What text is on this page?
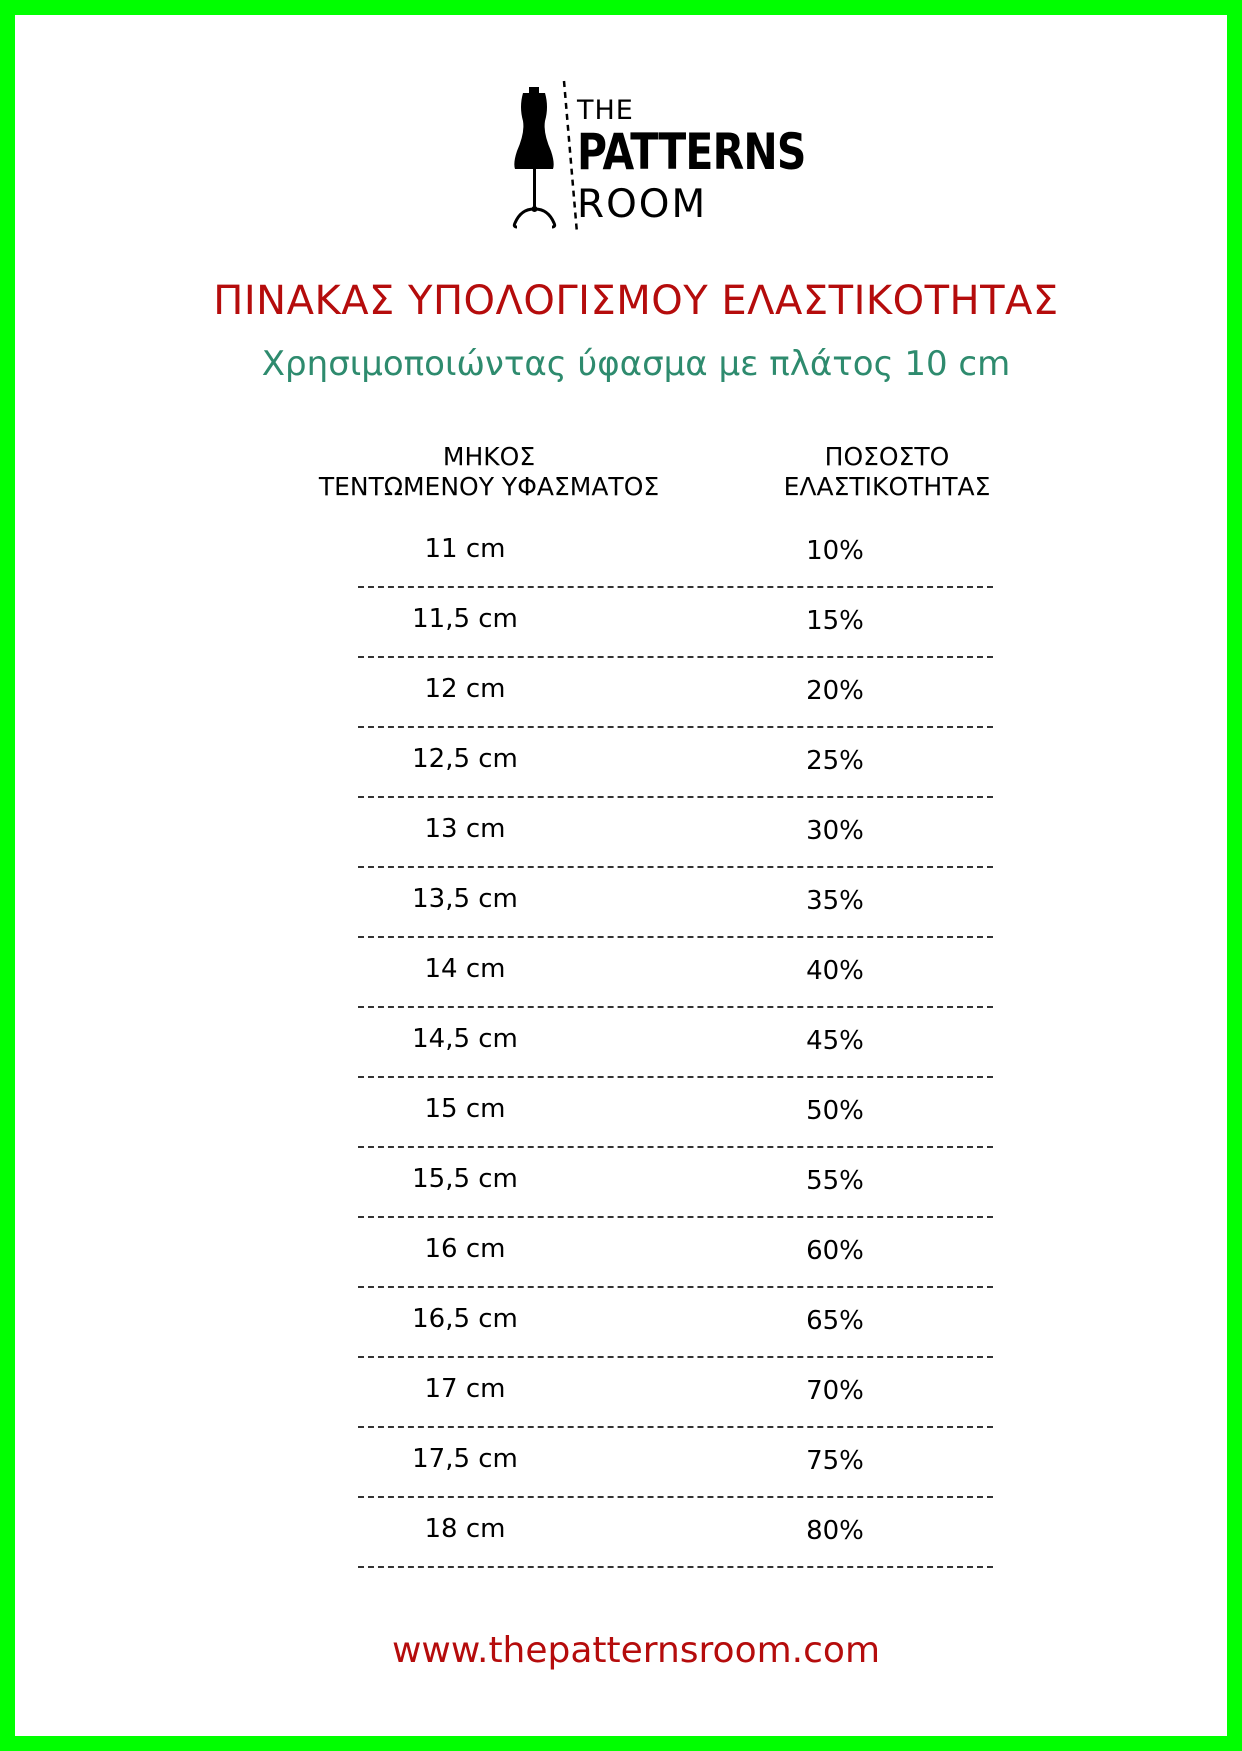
THE
PATTERNS
ROOM
ΠΙΝΑΚΑΣ ΥΠΟΛΟΓΙΣΜΟΥ ΕΛΑΣΤΙΚΟΤΗΤΑΣ
Χρησιμοποιώντας ύφασμα με πλάτος 10 cm
ΜΗΚΟΣ
ΤΕΝΤΩΜΕΝΟΥ ΥΦΑΣΜΑΤΟΣ
ΠΟΣΟΣΤΟ
ΕΛΑΣΤΙΚΟΤΗΤΑΣ
11 cm	10%
11,5 cm	15%
12 cm	20%
12,5 cm	25%
13 cm	30%
13,5 cm	35%
14 cm	40%
14,5 cm	45%
15 cm	50%
15,5 cm	55%
16 cm	60%
16,5 cm	65%
17 cm	70%
17,5 cm	75%
18 cm	80%
www.thepatternsroom.com
